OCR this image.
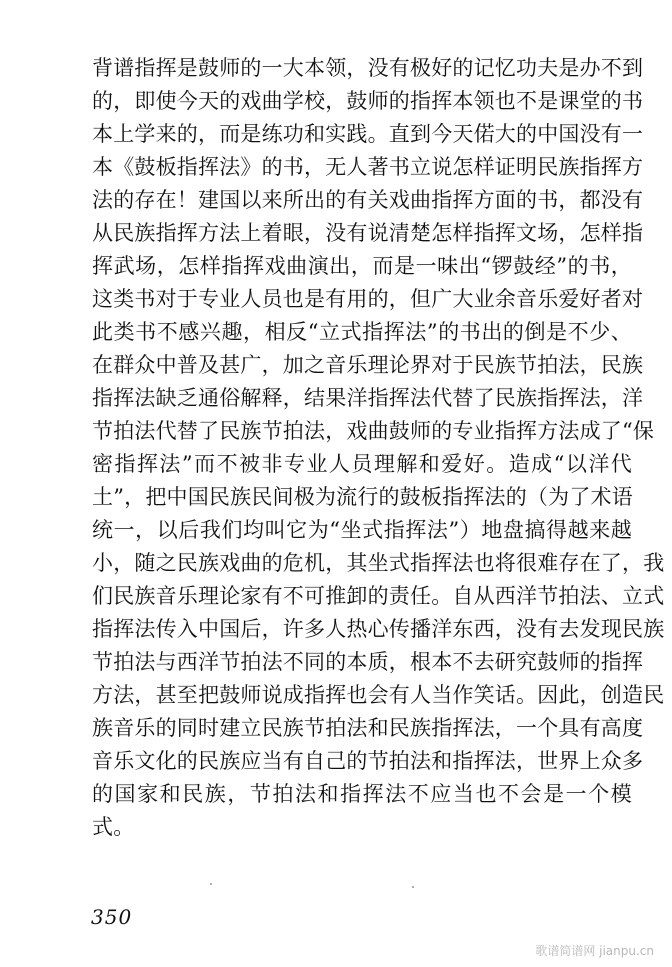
背谱指挥是鼓师的一大本领，没有极好的记忆功夫是办不到
的，即使今天的戏曲学校，鼓师的指挥本领也不是课堂的书
本上学来的，而是练功和实践。直到今天偌大的中国没有一
本《鼓板指挥法》的书，无人著书立说怎样证明民族指挥方
法的存在！建国以来所出的有关戏曲指挥方面的书，都没有
从民族指挥方法上着眼，没有说清楚怎样指挥文场，怎样指
挥武场，怎样指挥戏曲演出，而是一味出“锣鼓经”的书，
这类书对于专业人员也是有用的，但广大业余音乐爱好者对
此类书不感兴趣，相反“立式指挥法”的书出的倒是不少、
在群众中普及甚广，加之音乐理论界对于民族节拍法，民族
指挥法缺乏通俗解释，结果洋指挥法代替了民族指挥法，洋
节拍法代替了民族节拍法，戏曲鼓师的专业指挥方法成了“保
密指挥法”而不被非专业人员理解和爱好。造成“以洋代
土”，把中国民族民间极为流行的鼓板指挥法的（为了术语
统一，以后我们均叫它为“坐式指挥法”）地盘搞得越来越
小，随之民族戏曲的危机，其坐式指挥法也将很难存在了，我
们民族音乐理论家有不可推卸的责任。自从西洋节拍法、立式
指挥法传入中国后，许多人热心传播洋东西，没有去发现民族
节拍法与西洋节拍法不同的本质，根本不去研究鼓师的指挥
方法，甚至把鼓师说成指挥也会有人当作笑话。因此，创造民
族音乐的同时建立民族节拍法和民族指挥法，一个具有高度
音乐文化的民族应当有自己的节拍法和指挥法，世界上众多
的国家和民族，节拍法和指挥法不应当也不会是一个模
式。
350
歌谱简谱网 jianpu.cn
